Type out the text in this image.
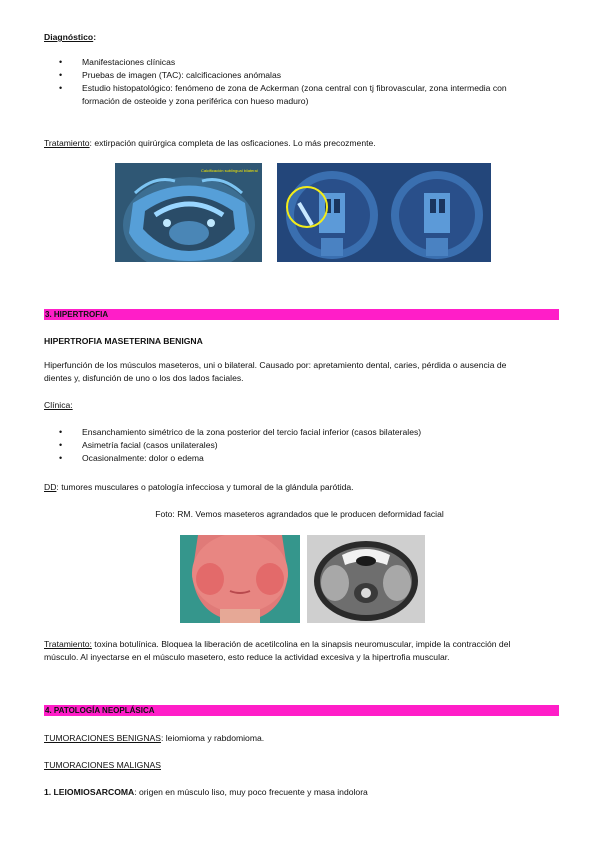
Diagnóstico:
• Manifestaciones clínicas
• Pruebas de imagen (TAC): calcificaciones anómalas
• Estudio histopatológico: fenómeno de zona de Ackerman (zona central con tj fibrovascular, zona intermedia con
formación de osteoide y zona periférica con hueso maduro)
Tratamiento: extirpación quirúrgica completa de las osficaciones. Lo más precozmente.
Calcificación sublingual bilateral
3. HIPERTROFIA
HIPERTROFIA MASETERINA BENIGNA
Hiperfunción de los músculos maseteros, uni o bilateral. Causado por: apretamiento dental, caries, pérdida o ausencia de
dientes y, disfunción de uno o los dos lados faciales.
Clínica:
• Ensanchamiento simétrico de la zona posterior del tercio facial inferior (casos bilaterales)
• Asimetría facial (casos unilaterales)
• Ocasionalmente: dolor o edema
DD: tumores musculares o patología infecciosa y tumoral de la glándula parótida.
Foto: RM. Vemos maseteros agrandados que le producen deformidad facial
Tratamiento: toxina botulínica. Bloquea la liberación de acetilcolina en la sinapsis neuromuscular, impide la contracción del
músculo. Al inyectarse en el músculo masetero, esto reduce la actividad excesiva y la hipertrofia muscular.
4. PATOLOGÍA NEOPLÁSICA
TUMORACIONES BENIGNAS: leiomioma y rabdomioma.
TUMORACIONES MALIGNAS
1. LEIOMIOSARCOMA: origen en músculo liso, muy poco frecuente y masa indolora
